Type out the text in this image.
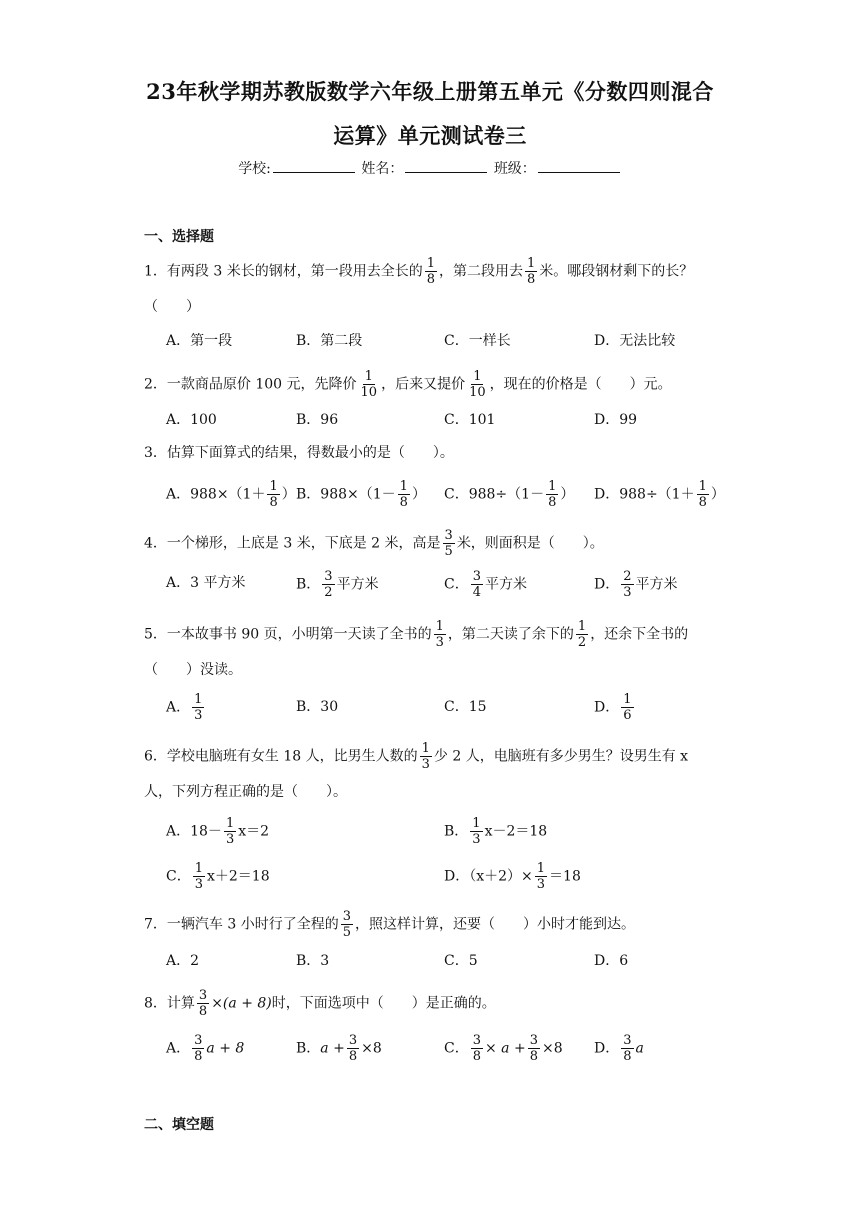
23年秋学期苏教版数学六年级上册第五单元《分数四则混合
运算》单元测试卷三
学校:	姓名：	班级：
一、选择题
1．有两段 3 米长的钢材，第一段用去全长的 $\frac{1}{8}$ ，第二段用去 $\frac{1}{8}$ 米。哪段钢材剩下的长？
（　　）
A．第一段	B．第二段	C．一样长	D．无法比较
2．一款商品原价 100 元，先降价 $\frac{1}{10}$ ，后来又提价 $\frac{1}{10}$ ，现在的价格是（　　）元。
A．100	B．96	C．101	D．99
3．估算下面算式的结果，得数最小的是（　　）。
A．$988\times(1+ \frac{1}{8}$ ） B．$988\times(1- \frac{1}{8}$ ） C．$988\div(1- \frac{1}{8}$ ） D．$988\div(1+ \frac{1}{8}$ ）
4．一个梯形，上底是 3 米，下底是 2 米，高是 $\frac{3}{5}$ 米，则面积是（　　）。
A．3 平方米	B． $\frac{3}{2}$ 平方米	C． $\frac{3}{4}$ 平方米	D． $\frac{2}{3}$ 平方米
5．一本故事书 90 页，小明第一天读了全书的 $\frac{1}{3}$ ，第二天读了余下的 $\frac{1}{2}$ ，还余下全书的
（　　）没读。
A． $\frac{1}{3}$	B．30	C．15	D． $\frac{1}{6}$
6．学校电脑班有女生 18 人，比男生人数的 $\frac{1}{3}$ 少 2 人，电脑班有多少男生？设男生有 x
人，下列方程正确的是（　　）。
A．$18- \frac{1}{3} x=2$	B． $\frac{1}{3} x-2=18$
C． $\frac{1}{3} x+2=18$	D．$(x+2)\times \frac{1}{3} =18$
7．一辆汽车 3 小时行了全程的 $\frac{3}{5}$ ，照这样计算，还要（　　）小时才能到达。
A．2	B．3	C．5	D．6
8．计算 $\frac{3}{8} \times(a + 8)$时，下面选项中（　　）是正确的。
A． $\frac{3}{8}$ a + 8	B．$a + \frac{3}{8} \times 8$	C． $\frac{3}{8} \times a + \frac{3}{8} \times 8$ D． $\frac{3}{8}$ a
二、填空题
